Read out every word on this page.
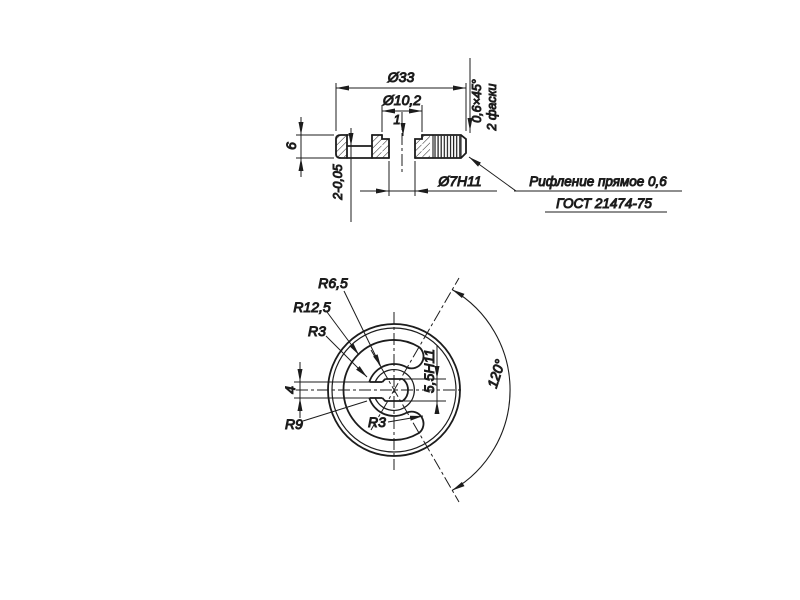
Ø33
Ø10,2
1
6
2-0,05	Ø7H11
0,6×45° 2 фаски
Рифление прямое 0,6
ГОСТ 21474-75
120°
R6,5
R12,5
R3
R9	R3
4	5,5H11
